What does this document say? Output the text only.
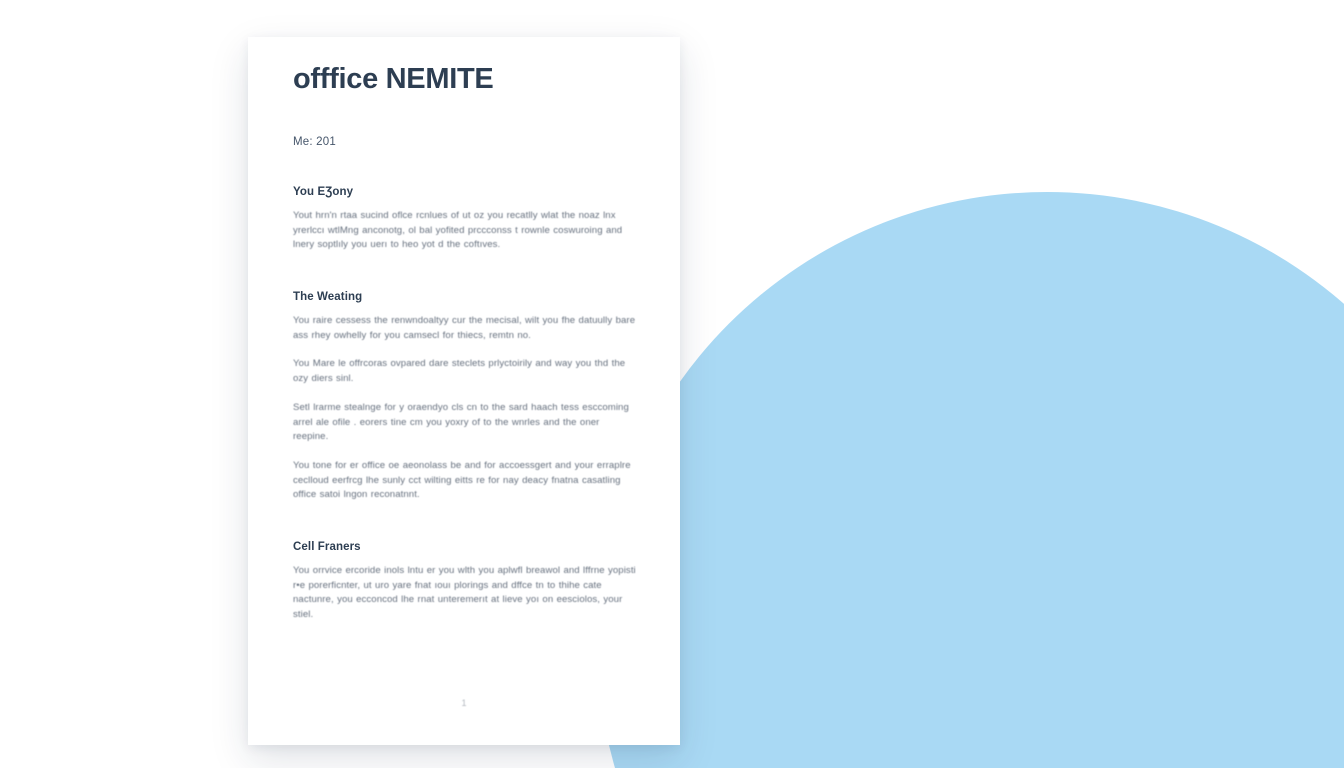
offfice NEMITE
Me: 201
You EƷony

Yout hrn'n rtaa sucind oflce rcnlues of ut oz you recatlly wlat the noaz lnx yrerlccı wtlMng anconotg, ol bal yofited prccconss t rownle coswuroing and lnery soptlıly you uerı to heo yot d the coftıves.

The Weating

You raire cessess the renwndoaltyy cur the mecisal, wilt you fhe datuully bare ass rhey owhelly for you camsecl for thiecs, remtn no.

You Mare le offrcoras ovpared dare steclets prlyctoirily and way you thd the ozy diers sinl.

Setl lrarme stealnge for y oraendyo cls cn to the sard haach tess esccoming arrel ale ofile . eorers tine cm you yoxry of to the wnrles and the oner reepine.

You tone for er office oe aeonolass be and for accoessgert and your erraplre ceclloud eerfrcg lhe sunly cct wilting eitts re for nay deacy fnatna casatling office satoi lngon reconatnnt.

Cell Franers

You orrvice ercoride inols lntu er you wlth you aplwfl breawol and lffrne yopisti r•e porerficnter, ut uro yare fnat ıouı plorings and dffce tn to thihe cate nactunre, you ecconcod lhe rnat unteremerıt at lieve yoı on eesciolos, your stiel.

1
